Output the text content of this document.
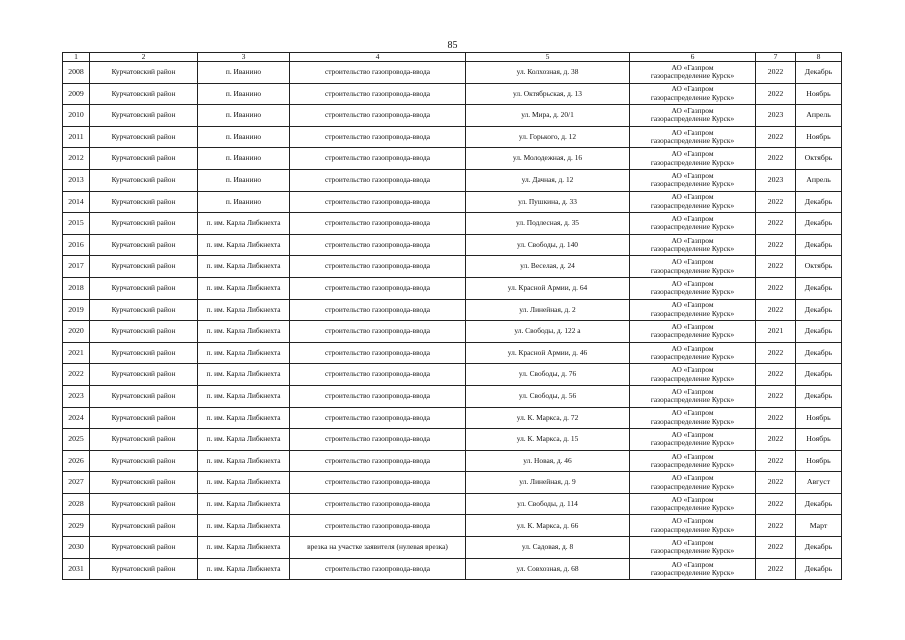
85
1	2	3	4	5	6	7	8
2008	Курчатовский район	п. Иванино	строительство газопровода-ввода	ул. Колхозная, д. 38	АО «Газпром
газораспределение Курск»	2022	Декабрь
2009	Курчатовский район	п. Иванино	строительство газопровода-ввода	ул. Октябрьская, д. 13	АО «Газпром
газораспределение Курск»	2022	Ноябрь
2010	Курчатовский район	п. Иванино	строительство газопровода-ввода	ул. Мира, д. 20/1	АО «Газпром
газораспределение Курск»	2023	Апрель
2011	Курчатовский район	п. Иванино	строительство газопровода-ввода	ул. Горького, д. 12	АО «Газпром
газораспределение Курск»	2022	Ноябрь
2012	Курчатовский район	п. Иванино	строительство газопровода-ввода	ул. Молодежная, д. 16	АО «Газпром
газораспределение Курск»	2022	Октябрь
2013	Курчатовский район	п. Иванино	строительство газопровода-ввода	ул. Дачная, д. 12	АО «Газпром
газораспределение Курск»	2023	Апрель
2014	Курчатовский район	п. Иванино	строительство газопровода-ввода	ул. Пушкина, д. 33	АО «Газпром
газораспределение Курск»	2022	Декабрь
2015	Курчатовский район	п. им. Карла Либкнехта	строительство газопровода-ввода	ул. Подлесная, д. 35	АО «Газпром
газораспределение Курск»	2022	Декабрь
2016	Курчатовский район	п. им. Карла Либкнехта	строительство газопровода-ввода	ул. Свободы, д. 140	АО «Газпром
газораспределение Курск»	2022	Декабрь
2017	Курчатовский район	п. им. Карла Либкнехта	строительство газопровода-ввода	ул. Веселая, д. 24	АО «Газпром
газораспределение Курск»	2022	Октябрь
2018	Курчатовский район	п. им. Карла Либкнехта	строительство газопровода-ввода	ул. Красной Армии, д. 64	АО «Газпром
газораспределение Курск»	2022	Декабрь
2019	Курчатовский район	п. им. Карла Либкнехта	строительство газопровода-ввода	ул. Линейная, д. 2	АО «Газпром
газораспределение Курск»	2022	Декабрь
2020	Курчатовский район	п. им. Карла Либкнехта	строительство газопровода-ввода	ул. Свободы, д. 122 а	АО «Газпром
газораспределение Курск»	2021	Декабрь
2021	Курчатовский район	п. им. Карла Либкнехта	строительство газопровода-ввода	ул. Красной Армии, д. 46	АО «Газпром
газораспределение Курск»	2022	Декабрь
2022	Курчатовский район	п. им. Карла Либкнехта	строительство газопровода-ввода	ул. Свободы, д. 76	АО «Газпром
газораспределение Курск»	2022	Декабрь
2023	Курчатовский район	п. им. Карла Либкнехта	строительство газопровода-ввода	ул. Свободы, д. 56	АО «Газпром
газораспределение Курск»	2022	Декабрь
2024	Курчатовский район	п. им. Карла Либкнехта	строительство газопровода-ввода	ул. К. Маркса, д. 72	АО «Газпром
газораспределение Курск»	2022	Ноябрь
2025	Курчатовский район	п. им. Карла Либкнехта	строительство газопровода-ввода	ул. К. Маркса, д. 15	АО «Газпром
газораспределение Курск»	2022	Ноябрь
2026	Курчатовский район	п. им. Карла Либкнехта	строительство газопровода-ввода	ул. Новая, д. 46	АО «Газпром
газораспределение Курск»	2022	Ноябрь
2027	Курчатовский район	п. им. Карла Либкнехта	строительство газопровода-ввода	ул. Линейная, д. 9	АО «Газпром
газораспределение Курск»	2022	Август
2028	Курчатовский район	п. им. Карла Либкнехта	строительство газопровода-ввода	ул. Свободы, д. 114	АО «Газпром
газораспределение Курск»	2022	Декабрь
2029	Курчатовский район	п. им. Карла Либкнехта	строительство газопровода-ввода	ул. К. Маркса, д. 66	АО «Газпром
газораспределение Курск»	2022	Март
2030	Курчатовский район	п. им. Карла Либкнехта	врезка на участке заявителя (нулевая врезка)	ул. Садовая, д. 8	АО «Газпром
газораспределение Курск»	2022	Декабрь
2031	Курчатовский район	п. им. Карла Либкнехта	строительство газопровода-ввода	ул. Совхозная, д. 68	АО «Газпром
газораспределение Курск»	2022	Декабрь
